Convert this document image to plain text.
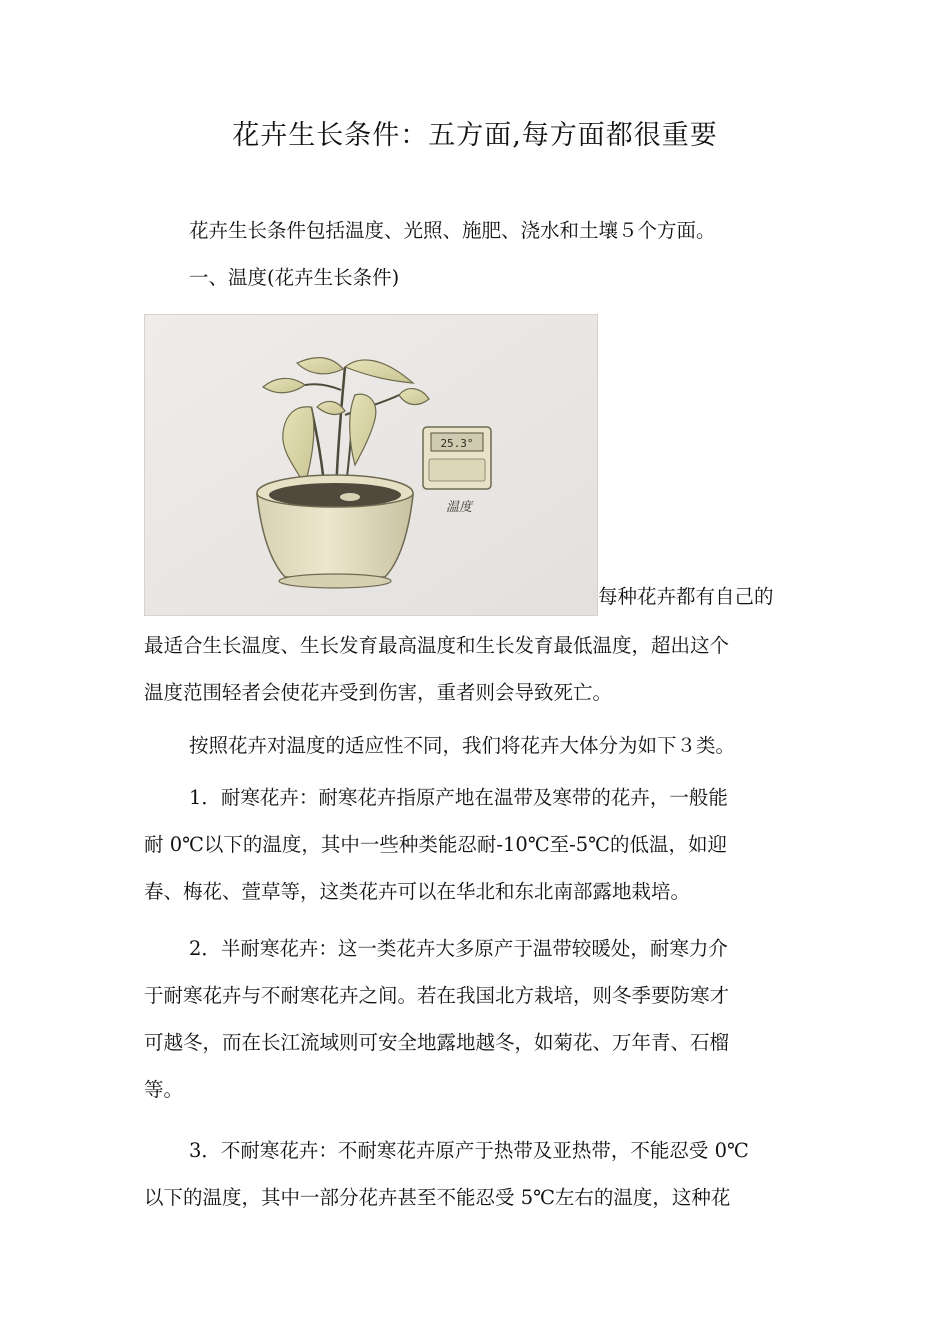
花卉生长条件：五方面,每方面都很重要
花卉生长条件包括温度、光照、施肥、浇水和土壤５个方面。
一、温度(花卉生长条件)
25.3°
温度
每种花卉都有自己的
最适合生长温度、生长发育最高温度和生长发育最低温度，超出这个
温度范围轻者会使花卉受到伤害，重者则会导致死亡。
按照花卉对温度的适应性不同，我们将花卉大体分为如下３类。
1．耐寒花卉：耐寒花卉指原产地在温带及寒带的花卉，一般能
耐 0℃以下的温度，其中一些种类能忍耐-10℃至-5℃的低温，如迎
春、梅花、萱草等，这类花卉可以在华北和东北南部露地栽培。
2．半耐寒花卉：这一类花卉大多原产于温带较暖处，耐寒力介
于耐寒花卉与不耐寒花卉之间。若在我国北方栽培，则冬季要防寒才
可越冬，而在长江流域则可安全地露地越冬，如菊花、万年青、石榴
等。
3．不耐寒花卉：不耐寒花卉原产于热带及亚热带，不能忍受 0℃
以下的温度，其中一部分花卉甚至不能忍受 5℃左右的温度，这种花
